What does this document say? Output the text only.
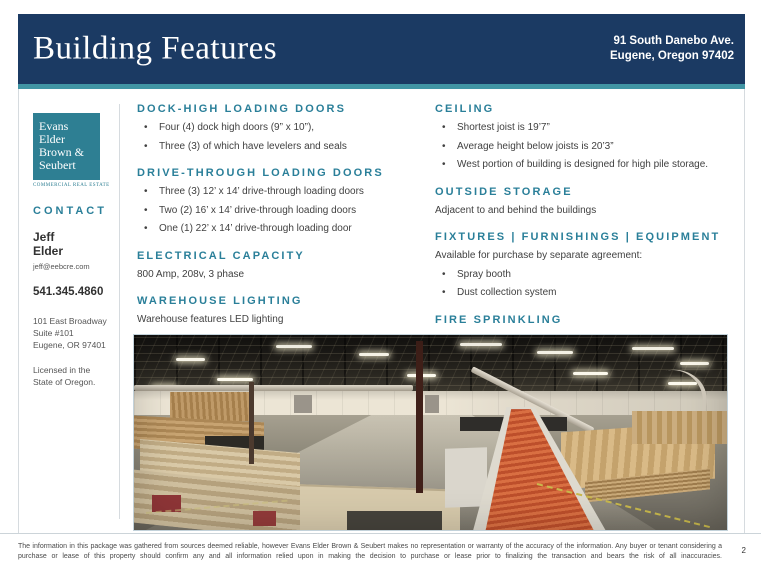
Building Features	91 South Danebo Ave.
Eugene, Oregon 97402
Evans
Elder
Brown &
Seubert
COMMERCIAL REAL ESTATE
CONTACT
Jeff
Elder
jeff@eebcre.com
541.345.4860
101 East Broadway
Suite #101
Eugene, OR 97401
Licensed in the
State of Oregon.
DOCK-HIGH LOADING DOORS
• Four (4) dock high doors (9” x 10”),
• Three (3) of which have levelers and seals
DRIVE-THROUGH LOADING DOORS
• Three (3) 12’ x 14’ drive-through loading doors
• Two (2) 16’ x 14’ drive-through loading doors
• One (1) 22’ x 14’ drive-through loading door
ELECTRICAL CAPACITY

800 Amp, 208v, 3 phase

WAREHOUSE LIGHTING

Warehouse features LED lighting

CEILING
• Shortest joist is 19’7”
• Average height below joists is 20’3”
• West portion of building is designed for high pile storage.
OUTSIDE STORAGE

Adjacent to and behind the buildings

FIXTURES | FURNISHINGS | EQUIPMENT

Available for purchase by separate agreement:

• Spray booth
• Dust collection system
FIRE SPRINKLING
The information in this package was gathered from sources deemed reliable, however Evans Elder Brown & Seubert makes no representation or warranty of the accuracy of the information. Any buyer or tenant considering a purchase or lease of this property should confirm any and all information relied upon in making the decision to purchase or lease prior to finalizing the transaction and bears the risk of all inaccuracies.
2
